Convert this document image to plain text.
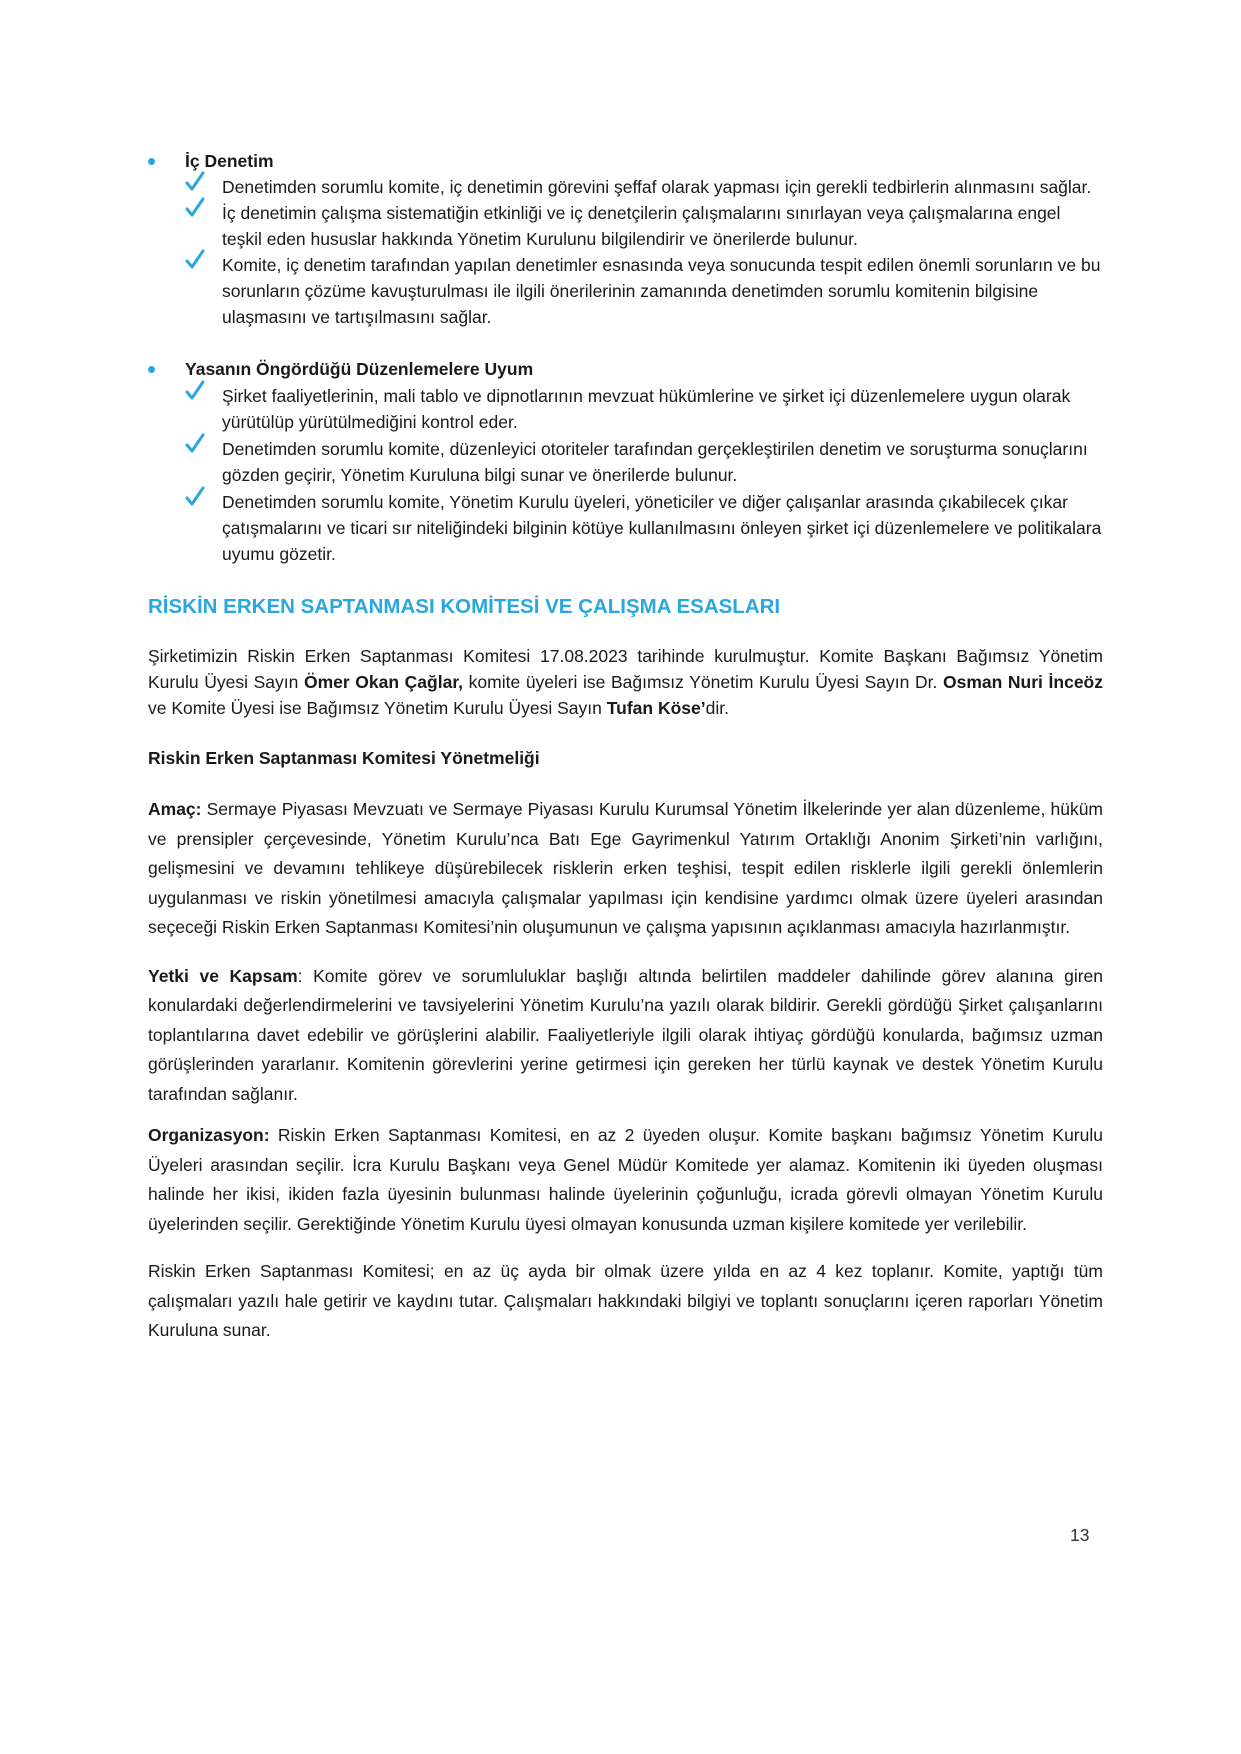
İç Denetim
Denetimden sorumlu komite, iç denetimin görevini şeffaf olarak yapması için gerekli tedbirlerin alınmasını sağlar.
İç denetimin çalışma sistematiğin etkinliği ve iç denetçilerin çalışmalarını sınırlayan veya çalışmalarına engel teşkil eden hususlar hakkında Yönetim Kurulunu bilgilendirir ve önerilerde bulunur.
Komite, iç denetim tarafından yapılan denetimler esnasında veya sonucunda tespit edilen önemli sorunların ve bu sorunların çözüme kavuşturulması ile ilgili önerilerinin zamanında denetimden sorumlu komitenin bilgisine ulaşmasını ve tartışılmasını sağlar.
Yasanın Öngördüğü Düzenlemelere Uyum
Şirket faaliyetlerinin, mali tablo ve dipnotlarının mevzuat hükümlerine ve şirket içi düzenlemelere uygun olarak yürütülüp yürütülmediğini kontrol eder.
Denetimden sorumlu komite, düzenleyici otoriteler tarafından gerçekleştirilen denetim ve soruşturma sonuçlarını gözden geçirir, Yönetim Kuruluna bilgi sunar ve önerilerde bulunur.
Denetimden sorumlu komite, Yönetim Kurulu üyeleri, yöneticiler ve diğer çalışanlar arasında çıkabilecek çıkar çatışmalarını ve ticari sır niteliğindeki bilginin kötüye kullanılmasını önleyen şirket içi düzenlemelere ve politikalara uyumu gözetir.
RİSKİN ERKEN SAPTANMASI KOMİTESİ VE ÇALIŞMA ESASLARI

Şirketimizin Riskin Erken Saptanması Komitesi 17.08.2023 tarihinde kurulmuştur. Komite Başkanı Bağımsız Yönetim Kurulu Üyesi Sayın Ömer Okan Çağlar, komite üyeleri ise Bağımsız Yönetim Kurulu Üyesi Sayın Dr. Osman Nuri İnceöz ve Komite Üyesi ise Bağımsız Yönetim Kurulu Üyesi Sayın Tufan Köse’dir.

Riskin Erken Saptanması Komitesi Yönetmeliği

Amaç: Sermaye Piyasası Mevzuatı ve Sermaye Piyasası Kurulu Kurumsal Yönetim İlkelerinde yer alan düzenleme, hüküm ve prensipler çerçevesinde, Yönetim Kurulu’nca Batı Ege Gayrimenkul Yatırım Ortaklığı Anonim Şirketi’nin varlığını, gelişmesini ve devamını tehlikeye düşürebilecek risklerin erken teşhisi, tespit edilen risklerle ilgili gerekli önlemlerin uygulanması ve riskin yönetilmesi amacıyla çalışmalar yapılması için kendisine yardımcı olmak üzere üyeleri arasından seçeceği Riskin Erken Saptanması Komitesi’nin oluşumunun ve çalışma yapısının açıklanması amacıyla hazırlanmıştır.

Yetki ve Kapsam: Komite görev ve sorumluluklar başlığı altında belirtilen maddeler dahilinde görev alanına giren konulardaki değerlendirmelerini ve tavsiyelerini Yönetim Kurulu’na yazılı olarak bildirir. Gerekli gördüğü Şirket çalışanlarını toplantılarına davet edebilir ve görüşlerini alabilir. Faaliyetleriyle ilgili olarak ihtiyaç gördüğü konularda, bağımsız uzman görüşlerinden yararlanır. Komitenin görevlerini yerine getirmesi için gereken her türlü kaynak ve destek Yönetim Kurulu tarafından sağlanır.

Organizasyon: Riskin Erken Saptanması Komitesi, en az 2 üyeden oluşur. Komite başkanı bağımsız Yönetim Kurulu Üyeleri arasından seçilir. İcra Kurulu Başkanı veya Genel Müdür Komitede yer alamaz. Komitenin iki üyeden oluşması halinde her ikisi, ikiden fazla üyesinin bulunması halinde üyelerinin çoğunluğu, icrada görevli olmayan Yönetim Kurulu üyelerinden seçilir. Gerektiğinde Yönetim Kurulu üyesi olmayan konusunda uzman kişilere komitede yer verilebilir.

Riskin Erken Saptanması Komitesi; en az üç ayda bir olmak üzere yılda en az 4 kez toplanır. Komite, yaptığı tüm çalışmaları yazılı hale getirir ve kaydını tutar. Çalışmaları hakkındaki bilgiyi ve toplantı sonuçlarını içeren raporları Yönetim Kuruluna sunar.

13
